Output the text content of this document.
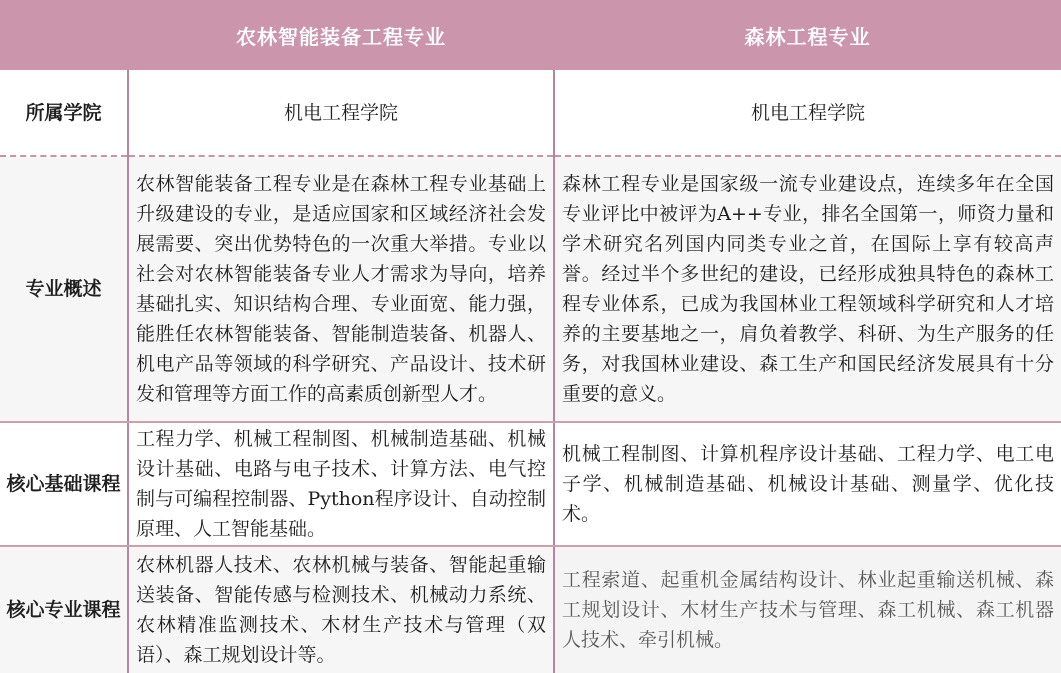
	农林智能装备工程专业	森林工程专业
所属学院	机电工程学院	机电工程学院
专业概述	农林智能装备工程专业是在森林工程专业基础上升级建设的专业，是适应国家和区域经济社会发展需要、突出优势特色的一次重大举措。专业以社会对农林智能装备专业人才需求为导向，培养基础扎实、知识结构合理、专业面宽、能力强，能胜任农林智能装备、智能制造装备、机器人、机电产品等领域的科学研究、产品设计、技术研发和管理等方面工作的高素质创新型人才。	森林工程专业是国家级一流专业建设点，连续多年在全国专业评比中被评为A++专业，排名全国第一，师资力量和学术研究名列国内同类专业之首，在国际上享有较高声誉。经过半个多世纪的建设，已经形成独具特色的森林工程专业体系，已成为我国林业工程领域科学研究和人才培养的主要基地之一，肩负着教学、科研、为生产服务的任务，对我国林业建设、森工生产和国民经济发展具有十分重要的意义。
核心基础课程	工程力学、机械工程制图、机械制造基础、机械设计基础、电路与电子技术、计算方法、电气控制与可编程控制器、Python程序设计、自动控制原理、人工智能基础。	机械工程制图、计算机程序设计基础、工程力学、电工电子学、机械制造基础、机械设计基础、测量学、优化技术。
核心专业课程	农林机器人技术、农林机械与装备、智能起重输送装备、智能传感与检测技术、机械动力系统、农林精准监测技术、木材生产技术与管理（双语）、森工规划设计等。	工程索道、起重机金属结构设计、林业起重输送机械、森工规划设计、木材生产技术与管理、森工机械、森工机器人技术、牵引机械。
